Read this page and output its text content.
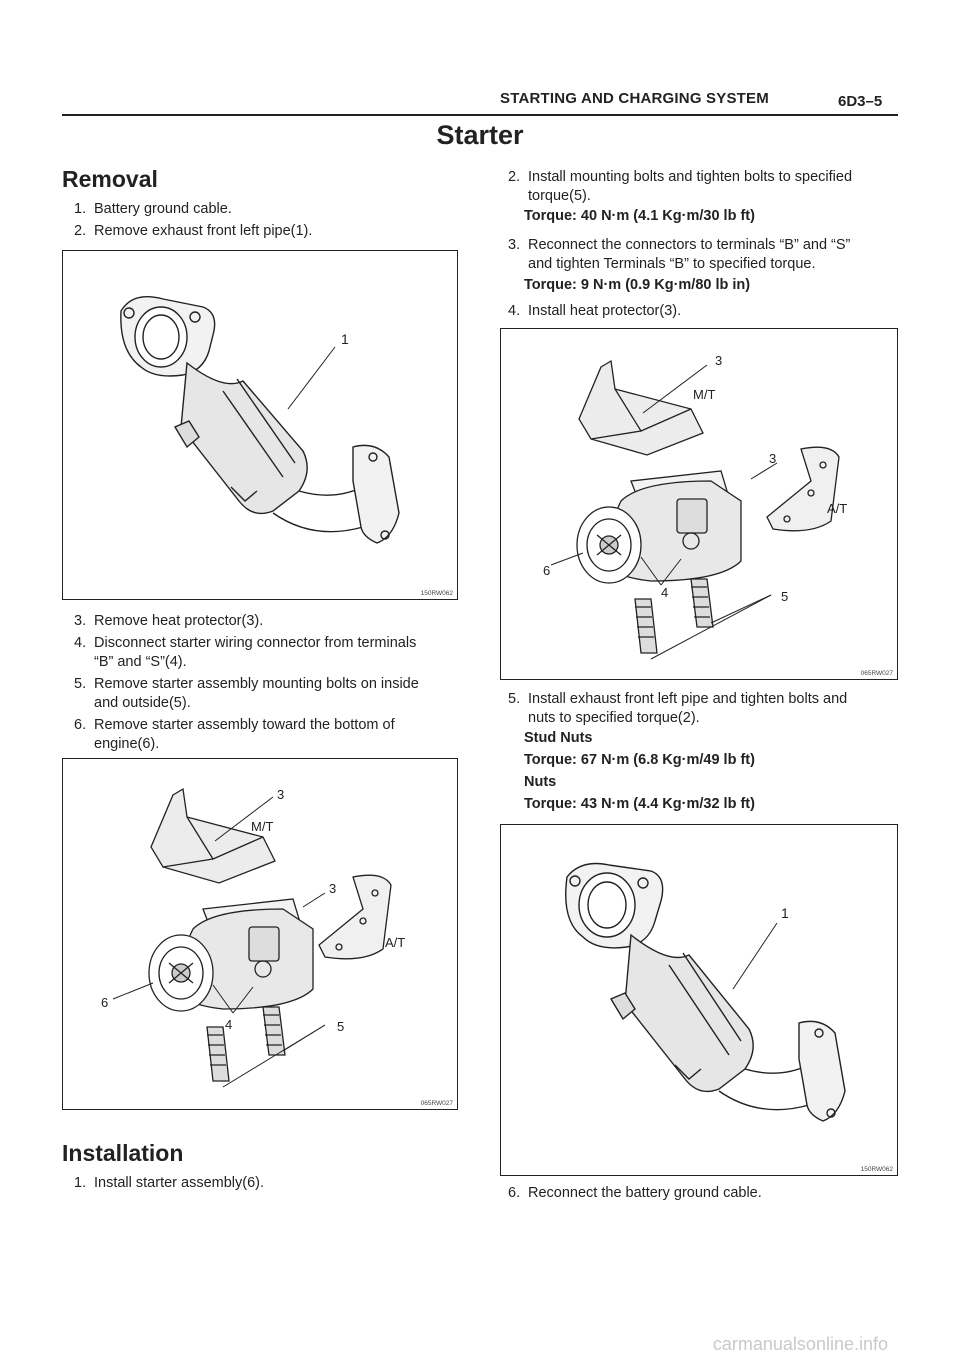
STARTING AND CHARGING SYSTEM	6D3–5
Starter
Removal
1. Battery ground cable.
2. Remove exhaust front left pipe(1).
1
150RW062
3. Remove heat protector(3).
4. Disconnect starter wiring connector from terminals
“B” and “S”(4).
5. Remove starter assembly mounting bolts on inside
and outside(5).
6. Remove starter assembly toward the bottom of
engine(6).
3
M/T
3
A/T
6
4	5
065RW027
Installation
1. Install starter assembly(6).
2. Install mounting bolts and tighten bolts to specified
torque(5).
Torque: 40 N·m (4.1 Kg·m/30 lb ft)
3. Reconnect the connectors to terminals “B” and “S”
and tighten Terminals “B” to specified torque.
Torque: 9 N·m (0.9 Kg·m/80 lb in)
4. Install heat protector(3).
3
M/T
3
A/T
6
4	5
065RW027
5. Install exhaust front left pipe and tighten bolts and
nuts to specified torque(2).
Stud Nuts
Torque: 67 N·m (6.8 Kg·m/49 lb ft)
Nuts
Torque: 43 N·m (4.4 Kg·m/32 lb ft)
1
150RW062
6. Reconnect the battery ground cable.
carmanualsonline.info
